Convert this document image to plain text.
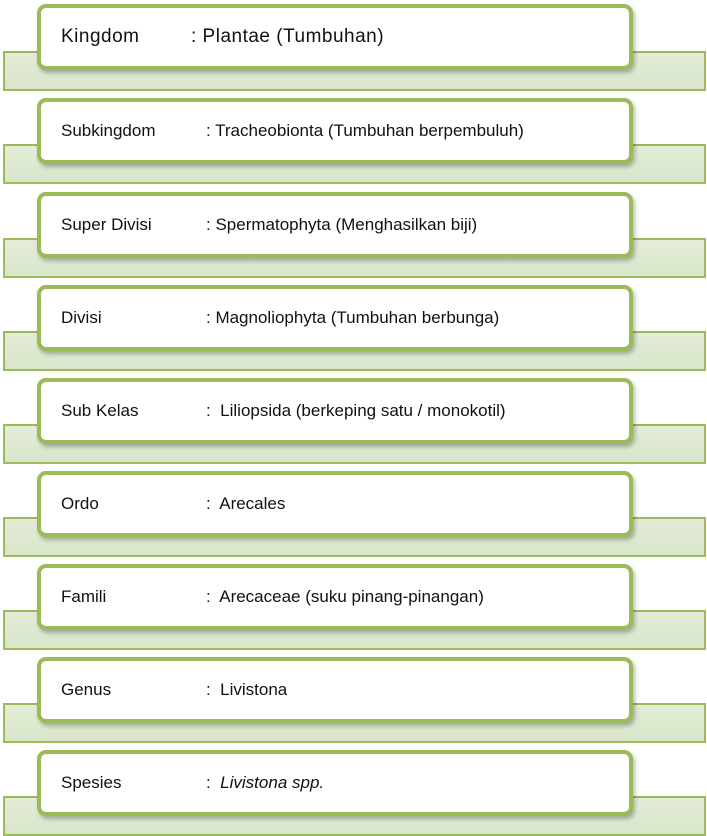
Kingdom	: Plantae (Tumbuhan)
Subkingdom	: Tracheobionta (Tumbuhan berpembuluh)
Super Divisi	: Spermatophyta (Menghasilkan biji)
Divisi	: Magnoliophyta (Tumbuhan berbunga)
Sub Kelas	:  Liliopsida (berkeping satu / monokotil)
Ordo	:  Arecales
Famili	:  Arecaceae (suku pinang-pinangan)
Genus	:  Livistona
Spesies	: Livistona spp.
